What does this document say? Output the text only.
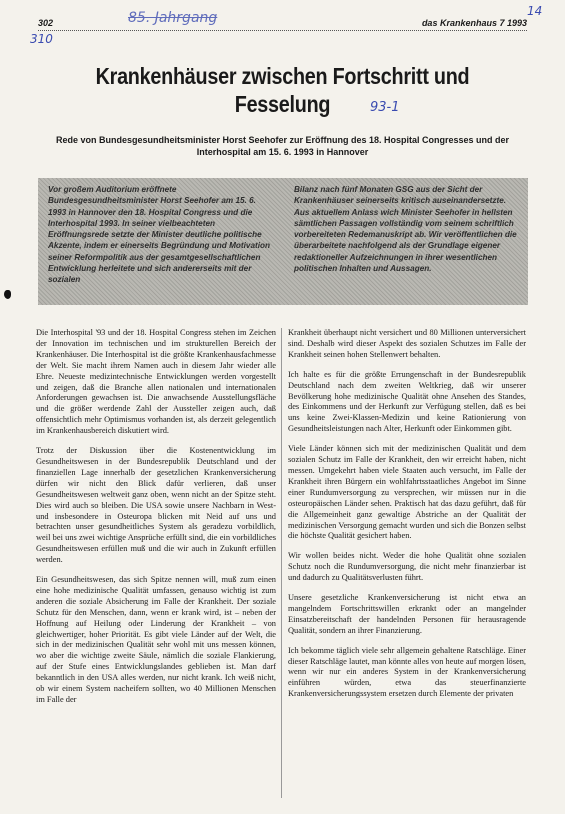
302	das Krankenhaus 7 1993
85. Jahrgang
310
14
93-1
Krankenhäuser zwischen Fortschritt und Fesselung

Rede von Bundesgesundheitsminister Horst Seehofer zur Eröffnung des 18. Hospital Congresses und der Interhospital am 15. 6. 1993 in Hannover

Vor großem Auditorium eröffnete Bundesgesundheitsminister Horst Seehofer am 15. 6. 1993 in Hannover den 18. Hospital Congress und die Interhospital 1993. In seiner vielbeachteten Eröffnungsrede setzte der Minister deutliche politische Akzente, indem er einerseits Begründung und Motivation seiner Reformpolitik aus der gesamtgesellschaftlichen Entwicklung herleitete und sich andererseits mit der sozialen
Bilanz nach fünf Monaten GSG aus der Sicht der Krankenhäuser seinerseits kritisch auseinandersetzte. Aus aktuellem Anlass wich Minister Seehofer in hellsten sämtlichen Passagen vollständig vom seinem schriftlich vorbereiteten Redemanuskript ab. Wir veröffentlichen die überarbeitete nachfolgend als der Grundlage eigener redaktioneller Aufzeichnungen in ihrer wesentlichen politischen Inhalten und Aussagen.

Die Interhospital '93 und der 18. Hospital Congress stehen im Zeichen der Innovation im technischen und im strukturellen Bereich der Krankenhäuser. Die Interhospital ist die größte Krankenhausfachmesse der Welt. Sie macht ihrem Namen auch in diesem Jahr wieder alle Ehre. Neueste medizintechnische Entwicklungen werden vorgestellt und zeigen, daß die Branche allen nationalen und internationalen Anforderungen gewachsen ist. Die anwachsende Ausstellungsfläche und die größer werdende Zahl der Aussteller zeigen auch, daß offensichtlich mehr Optimismus vorhanden ist, als derzeit gelegentlich im Krankenhausbereich diskutiert wird.

Trotz der Diskussion über die Kostenentwicklung im Gesundheitswesen in der Bundesrepublik Deutschland und der finanziellen Lage innerhalb der gesetzlichen Krankenversicherung dürfen wir nicht den Blick dafür verlieren, daß unser Gesundheitswesen weltweit ganz oben, wenn nicht an der Spitze steht. Dies wird auch so bleiben. Die USA sowie unsere Nachbarn in West- und insbesondere in Osteuropa blicken mit Neid auf uns und betrachten unser gesundheitliches System als geradezu vorbildlich, weil bei uns zwei wichtige Ansprüche erfüllt sind, die ein vorbildliches Gesundheitswesen erfüllen muß und die wir auch in Zukunft erfüllen werden.

Ein Gesundheitswesen, das sich Spitze nennen will, muß zum einen eine hohe medizinische Qualität umfassen, genauso wichtig ist zum anderen die soziale Absicherung im Falle der Krankheit. Der soziale Schutz für den Menschen, dann, wenn er krank wird, ist – neben der Hoffnung auf Heilung oder Linderung der Krankheit – von gleichwertiger, hoher Priorität. Es gibt viele Länder auf der Welt, die sich in der medizinischen Qualität sehr wohl mit uns messen können, wo aber die wichtige zweite Säule, nämlich die soziale Flankierung, auf der Stufe eines Entwicklungslandes geblieben ist. Man darf bekanntlich in den USA alles werden, nur nicht krank. Ich weiß nicht, ob wir einem System nacheifern sollten, wo 40 Millionen Menschen im Falle der

Krankheit überhaupt nicht versichert und 80 Millionen unterversichert sind. Deshalb wird dieser Aspekt des sozialen Schutzes im Falle der Krankheit seinen hohen Stellenwert behalten.

Ich halte es für die größte Errungenschaft in der Bundesrepublik Deutschland nach dem zweiten Weltkrieg, daß wir unserer Bevölkerung hohe medizinische Qualität ohne Ansehen des Standes, des Einkommens und der Herkunft zur Verfügung stellen, daß es bei uns keine Zwei-Klassen-Medizin und keine Rationierung von Gesundheitsleistungen nach Alter, Herkunft oder Einkommen gibt.

Viele Länder können sich mit der medizinischen Qualität und dem sozialen Schutz im Falle der Krankheit, den wir erreicht haben, nicht messen. Umgekehrt haben viele Staaten auch versucht, im Falle der Krankheit ihren Bürgern ein wohlfahrtsstaatliches Angebot im Sinne einer Rundumversorgung zu versprechen, wir müssen nur in die osteuropäischen Länder sehen. Praktisch hat das dazu geführt, daß für die Allgemeinheit ganz gewaltige Abstriche an der Qualität der medizinischen Versorgung gemacht wurden und sich die Bonzen selbst die höchste Qualität gesichert haben.

Wir wollen beides nicht. Weder die hohe Qualität ohne sozialen Schutz noch die Rundumversorgung, die nicht mehr finanzierbar ist und dadurch zu Qualitätsverlusten führt.

Unsere gesetzliche Krankenversicherung ist nicht etwa an mangelndem Fortschrittswillen erkrankt oder an mangelnder Einsatzbereitschaft der handelnden Personen für herausragende Qualität, sondern an ihrer Finanzierung.

Ich bekomme täglich viele sehr allgemein gehaltene Ratschläge. Einer dieser Ratschläge lautet, man könnte alles von heute auf morgen lösen, wenn wir nur ein anderes System in der Krankenversicherung einführen würden, etwa das steuerfinanzierte Krankenversicherungssystem ersetzen durch Elemente der privaten
